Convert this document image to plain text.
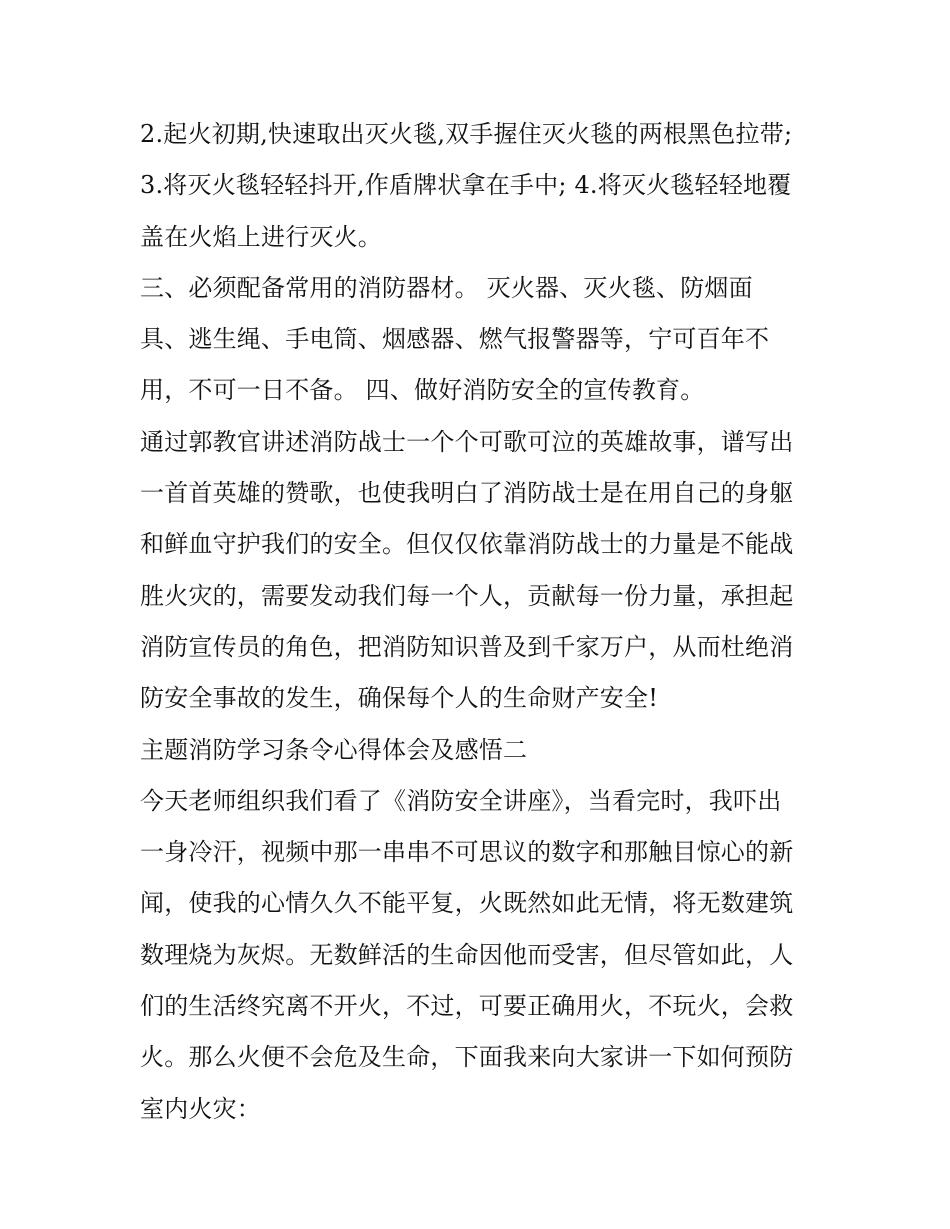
2.起火初期,快速取出灭火毯,双手握住灭火毯的两根黑色拉带;
3.将灭火毯轻轻抖开,作盾牌状拿在手中; 4.将灭火毯轻轻地覆
盖在火焰上进行灭火。
三、必须配备常用的消防器材。 灭火器、灭火毯、防烟面
具、逃生绳、手电筒、烟感器、燃气报警器等，宁可百年不
用，不可一日不备。 四、做好消防安全的宣传教育。
通过郭教官讲述消防战士一个个可歌可泣的英雄故事，谱写出
一首首英雄的赞歌，也使我明白了消防战士是在用自己的身躯
和鲜血守护我们的安全。但仅仅依靠消防战士的力量是不能战
胜火灾的，需要发动我们每一个人，贡献每一份力量，承担起
消防宣传员的角色，把消防知识普及到千家万户，从而杜绝消
防安全事故的发生，确保每个人的生命财产安全!
主题消防学习条令心得体会及感悟二
今天老师组织我们看了《消防安全讲座》，当看完时，我吓出
一身冷汗，视频中那一串串不可思议的数字和那触目惊心的新
闻，使我的心情久久不能平复，火既然如此无情，将无数建筑
数理烧为灰烬。无数鲜活的生命因他而受害，但尽管如此，人
们的生活终究离不开火，不过，可要正确用火，不玩火，会救
火。那么火便不会危及生命，下面我来向大家讲一下如何预防
室内火灾：
